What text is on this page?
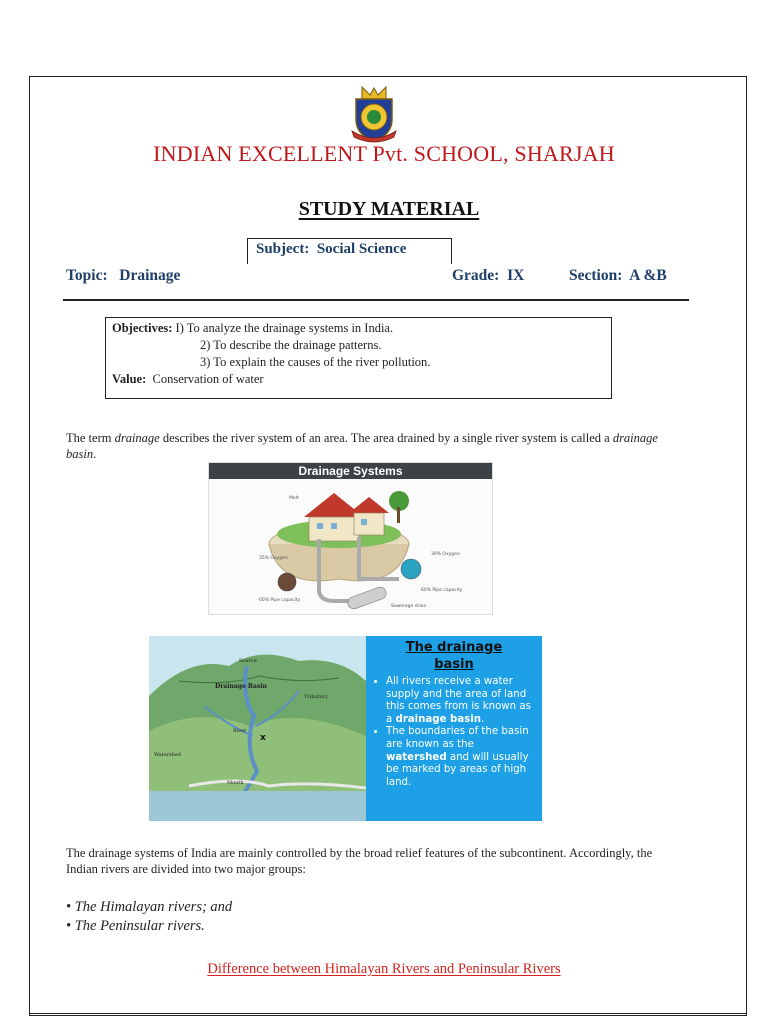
INDIAN EXCELLENT Pvt. SCHOOL, SHARJAH
STUDY MATERIAL
Subject:  Social Science
Topic:   Drainage	Grade:  IX	Section:  A &B
Objectives: I) To analyze the drainage systems in India.
2) To describe the drainage patterns.
3) To explain the causes of the river pollution.
Value:  Conservation of water

The term drainage describes the river system of an area. The area drained by a single river system is called a drainage basin.

Drainage Systems
Melt
30% Oxygen
60% Pipe capacity
35% Oxygen
60% Pipe capacity
Sewerage drain
Source
Drainage Basin
Tributary
River
Watershed
Mouth
x
The drainage
basin
• All rivers receive a water supply and the area of land this comes from is known as a drainage basin.
• The boundaries of the basin are known as the watershed and will usually be marked by areas of high land.

The drainage systems of India are mainly controlled by the broad relief features of the subcontinent. Accordingly, the Indian rivers are divided into two major groups:

• The Himalayan rivers; and
• The Peninsular rivers.
Difference between Himalayan Rivers and Peninsular Rivers
